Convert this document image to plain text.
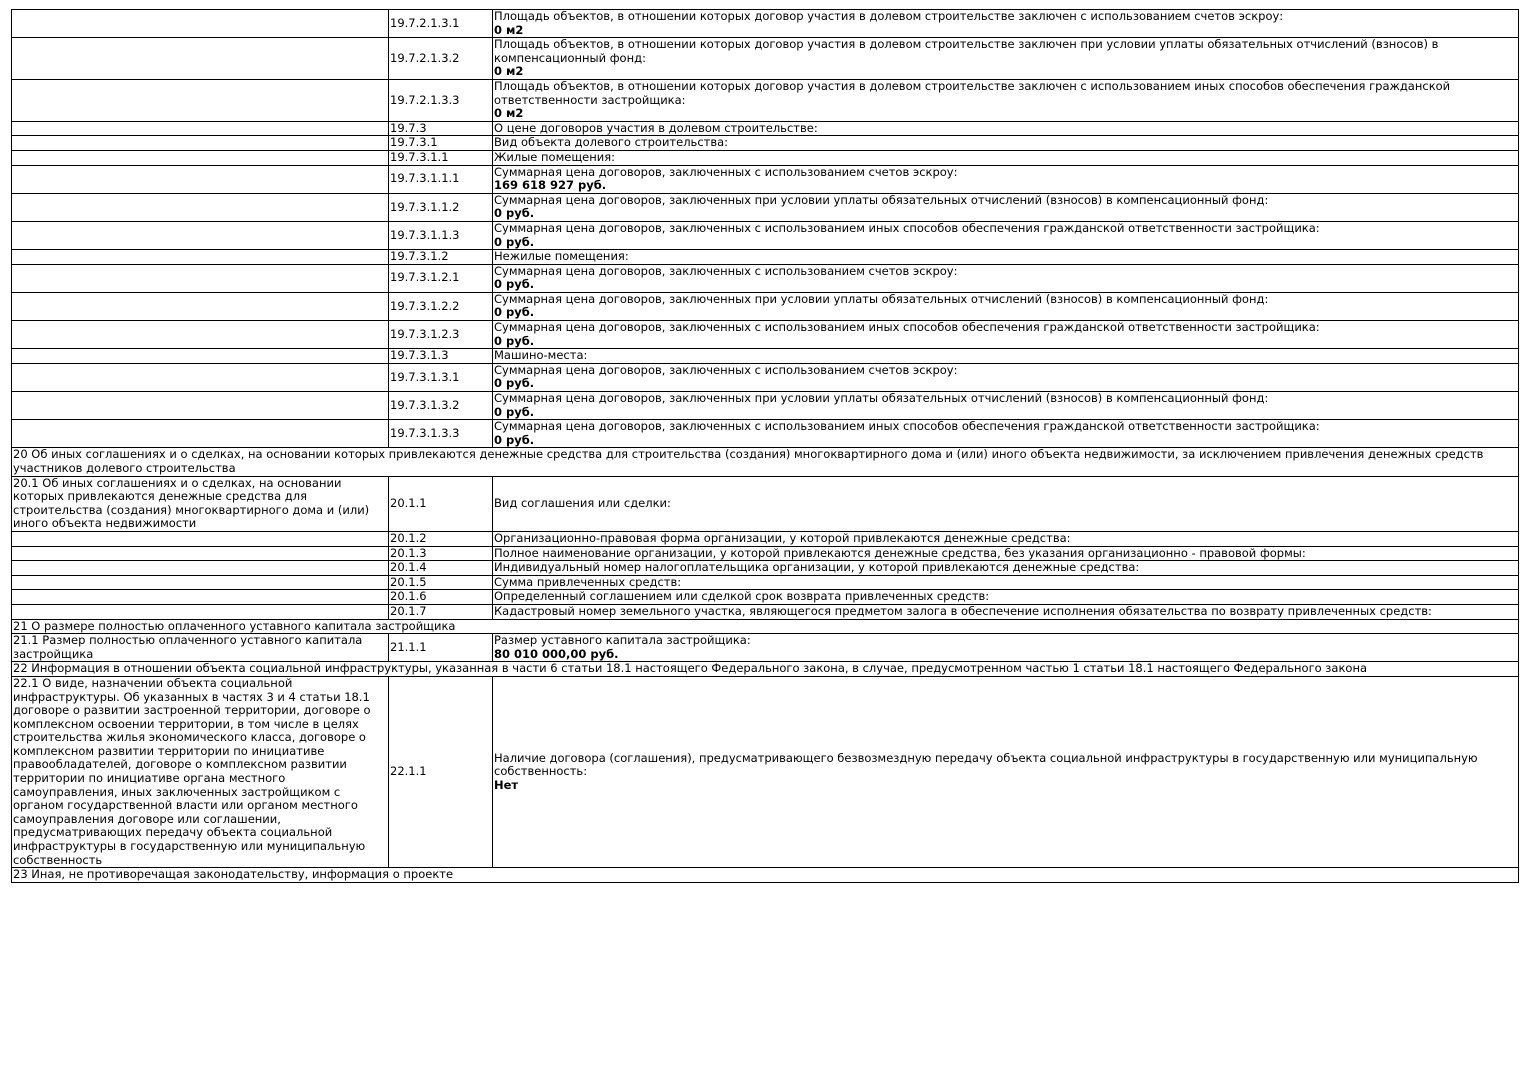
	19.7.2.1.3.1	Площадь объектов, в отношении которых договор участия в долевом строительстве заключен с использованием счетов эскроу:
0 м2

	19.7.2.1.3.2	Площадь объектов, в отношении которых договор участия в долевом строительстве заключен при условии уплаты обязательных отчислений (взносов) в компенсационный фонд:
0 м2

	19.7.2.1.3.3	Площадь объектов, в отношении которых договор участия в долевом строительстве заключен с использованием иных способов обеспечения гражданской ответственности застройщика:
0 м2

	19.7.3	О цене договоров участия в долевом строительстве:

	19.7.3.1	Вид объекта долевого строительства:

	19.7.3.1.1	Жилые помещения:

	19.7.3.1.1.1	Суммарная цена договоров, заключенных с использованием счетов эскроу:
169 618 927 руб.

	19.7.3.1.1.2	Суммарная цена договоров, заключенных при условии уплаты обязательных отчислений (взносов) в компенсационный фонд:
0 руб.

	19.7.3.1.1.3	Суммарная цена договоров, заключенных с использованием иных способов обеспечения гражданской ответственности застройщика:
0 руб.

	19.7.3.1.2	Нежилые помещения:

	19.7.3.1.2.1	Суммарная цена договоров, заключенных с использованием счетов эскроу:
0 руб.

	19.7.3.1.2.2	Суммарная цена договоров, заключенных при условии уплаты обязательных отчислений (взносов) в компенсационный фонд:
0 руб.

	19.7.3.1.2.3	Суммарная цена договоров, заключенных с использованием иных способов обеспечения гражданской ответственности застройщика:
0 руб.

	19.7.3.1.3	Машино-места:

	19.7.3.1.3.1	Суммарная цена договоров, заключенных с использованием счетов эскроу:
0 руб.

	19.7.3.1.3.2	Суммарная цена договоров, заключенных при условии уплаты обязательных отчислений (взносов) в компенсационный фонд:
0 руб.

	19.7.3.1.3.3	Суммарная цена договоров, заключенных с использованием иных способов обеспечения гражданской ответственности застройщика:
0 руб.

20 Об иных соглашениях и о сделках, на основании которых привлекаются денежные средства для строительства (создания) многоквартирного дома и (или) иного объекта недвижимости, за исключением привлечения денежных средств участников долевого строительства		
20.1 Об иных соглашениях и о сделках, на основании которых привлекаются денежные средства для строительства (создания) многоквартирного дома и (или) иного объекта недвижимости	20.1.1	Вид соглашения или сделки:

	20.1.2	Организационно-правовая форма организации, у которой привлекаются денежные средства:

	20.1.3	Полное наименование организации, у которой привлекаются денежные средства, без указания организационно - правовой формы:

	20.1.4	Индивидуальный номер налогоплательщика организации, у которой привлекаются денежные средства:

	20.1.5	Сумма привлеченных средств:

	20.1.6	Определенный соглашением или сделкой срок возврата привлеченных средств:

	20.1.7	Кадастровый номер земельного участка, являющегося предметом залога в обеспечение исполнения обязательства по возврату привлеченных средств:

21 О размере полностью оплаченного уставного капитала застройщика		
21.1 Размер полностью оплаченного уставного капитала застройщика	21.1.1	Размер уставного капитала застройщика:
80 010 000,00 руб.

22 Информация в отношении объекта социальной инфраструктуры, указанная в части 6 статьи 18.1 настоящего Федерального закона, в случае, предусмотренном частью 1 статьи 18.1 настоящего Федерального закона		
22.1 О виде, назначении объекта социальной инфраструктуры. Об указанных в частях 3 и 4 статьи 18.1 договоре о развитии застроенной территории, договоре о комплексном освоении территории, в том числе в целях строительства жилья экономического класса, договоре о комплексном развитии территории по инициативе правообладателей, договоре о комплексном развитии территории по инициативе органа местного самоуправления, иных заключенных застройщиком с органом государственной власти или органом местного самоуправления договоре или соглашении, предусматривающих передачу объекта социальной инфраструктуры в государственную или муниципальную собственность	22.1.1	Наличие договора (соглашения), предусматривающего безвозмездную передачу объекта социальной инфраструктуры в государственную или муниципальную собственность:
Нет

23 Иная, не противоречащая законодательству, информация о проекте		
